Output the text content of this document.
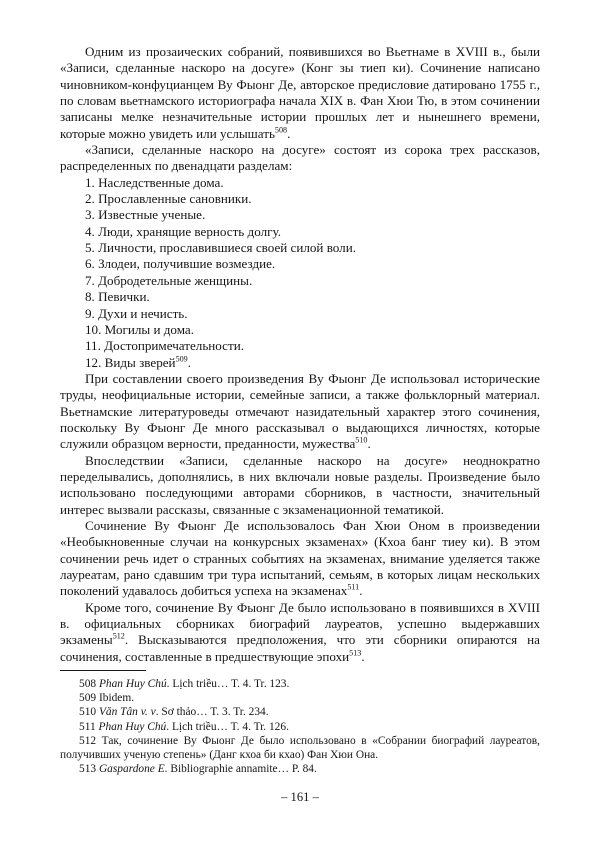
Одним из прозаических собраний, появившихся во Вьетнаме в XVIII в., были «Записи, сделанные наскоро на досуге» (Конг зы тиеп ки). Сочинение написано чиновником-конфуцианцем Ву Фыонг Де, авторское предисловие датировано 1755 г., по словам вьетнамского историографа начала XIX в. Фан Хюи Тю, в этом сочинении записаны мелке незначительные истории прошлых лет и нынешнего времени, которые можно увидеть или услышать$^{508}$.

«Записи, сделанные наскоро на досуге» состоят из сорока трех рассказов, распределенных по двенадцати разделам:

1. Наследственные дома.
2. Прославленные сановники.
3. Известные ученые.
4. Люди, хранящие верность долгу.
5. Личности, прославившиеся своей силой воли.
6. Злодеи, получившие возмездие.
7. Добродетельные женщины.
8. Певички.
9. Духи и нечисть.
10. Могилы и дома.
11. Достопримечательности.
12. Виды зверей$^{509}$.

При составлении своего произведения Ву Фыонг Де использовал исторические труды, неофициальные истории, семейные записи, а также фольклорный материал. Вьетнамские литературоведы отмечают назидательный характер этого сочинения, поскольку Ву Фыонг Де много рассказывал о выдающихся личностях, которые служили образцом верности, преданности, мужества$^{510}$.

Впоследствии «Записи, сделанные наскоро на досуге» неоднократно переделывались, дополнялись, в них включали новые разделы. Произведение было использовано последующими авторами сборников, в частности, значительный интерес вызвали рассказы, связанные с экзаменационной тематикой.

Сочинение Ву Фыонг Де использовалось Фан Хюи Оном в произведении «Необыкновенные случаи на конкурсных экзаменах» (Кхоа банг тиеу ки). В этом сочинении речь идет о странных событиях на экзаменах, внимание уделяется также лауреатам, рано сдавшим три тура испытаний, семьям, в которых лицам нескольких поколений удавалось добиться успеха на экзаменах$^{511}$.

Кроме того, сочинение Ву Фыонг Де было использовано в появившихся в XVIII в. официальных сборниках биографий лауреатов, успешно выдержавших экзамены$^{512}$. Высказываются предположения, что эти сборники опираются на сочинения, составленные в предшествующие эпохи$^{513}$.

508 Phan Huy Chú. Lịch triều… T. 4. Tr. 123.

509 Ibidem.

510 Văn Tân v. v. Sơ thảo… T. 3. Tr. 234.

511 Phan Huy Chú. Lịch triều… T. 4. Tr. 126.

512 Так, сочинение Ву Фыонг Де было использовано в «Собрании биографий лауреатов, получивших ученую степень» (Данг кхоа би кхао) Фан Хюи Она.

513 Gaspardone E. Bibliographie annamite… P. 84.

– 161 –
